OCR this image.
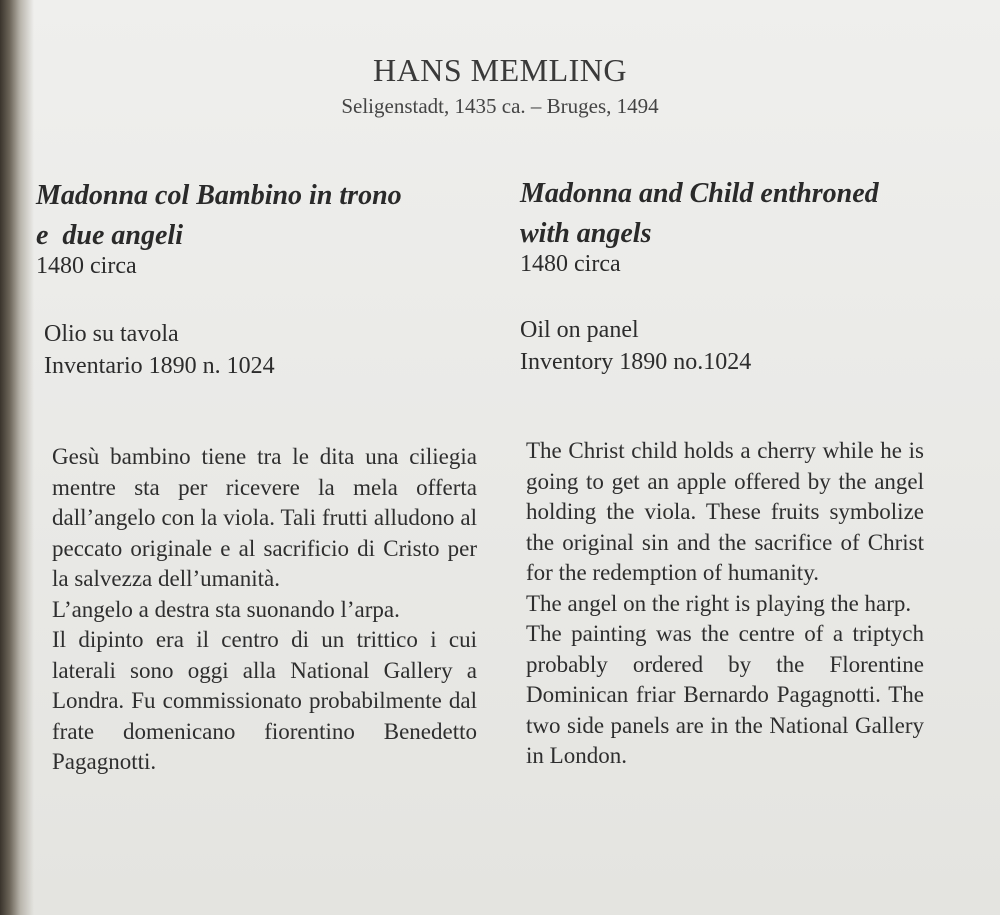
HANS MEMLING
Seligenstadt, 1435 ca. – Bruges, 1494

Madonna col Bambino in trono

e  due angeli

1480 circa

Olio su tavola

Inventario 1890 n. 1024

Madonna and Child enthroned

with angels

1480 circa

Oil on panel

Inventory 1890 no.1024

Gesù bambino tiene tra le dita una ciliegia mentre sta per ricevere la mela offerta dall’angelo con la viola. Tali frutti alludono al peccato originale e al sacrificio di Cristo per la salvezza dell’umanità.

L’angelo a destra sta suonando l’arpa.

Il dipinto era il centro di un trittico i cui laterali sono oggi alla National Gallery a Londra. Fu commissionato probabilmente dal frate domenicano fiorentino Benedetto Pagagnotti.

The Christ child holds a cherry while he is going to get an apple offered by the angel holding the viola. These fruits symbolize the original sin and the sacrifice of Christ for the redemption of humanity.

The angel on the right is playing the harp.

The painting was the centre of a triptych probably ordered by the Florentine Dominican friar Bernardo Pagagnotti. The two side panels are in the National Gallery in London.
